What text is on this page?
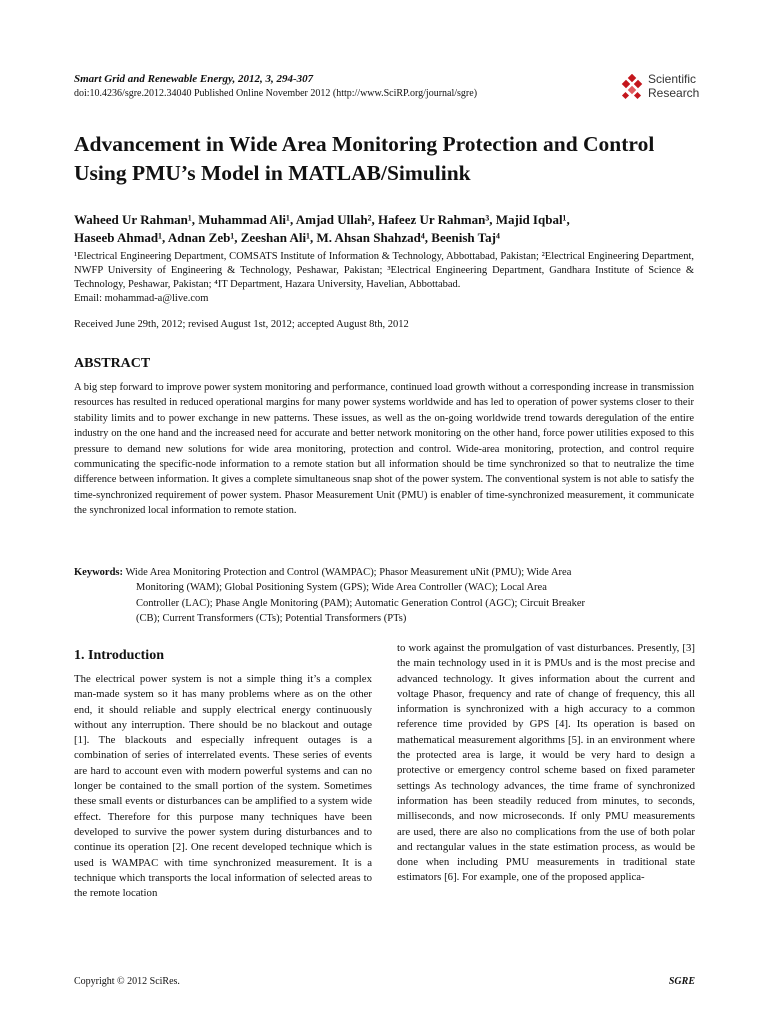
Smart Grid and Renewable Energy, 2012, 3, 294-307
doi:10.4236/sgre.2012.34040 Published Online November 2012 (http://www.SciRP.org/journal/sgre)
Scientific
Research
Advancement in Wide Area Monitoring Protection and Control Using PMU’s Model in MATLAB/Simulink
Waheed Ur Rahman¹, Muhammad Ali¹, Amjad Ullah², Hafeez Ur Rahman³, Majid Iqbal¹,
Haseeb Ahmad¹, Adnan Zeb¹, Zeeshan Ali¹, M. Ahsan Shahzad⁴, Beenish Taj⁴
¹Electrical Engineering Department, COMSATS Institute of Information & Technology, Abbottabad, Pakistan; ²Electrical Engineering Department, NWFP University of Engineering & Technology, Peshawar, Pakistan; ³Electrical Engineering Department, Gandhara Institute of Science & Technology, Peshawar, Pakistan; ⁴IT Department, Hazara University, Havelian, Abbottabad.
Email: mohammad-a@live.com
Received June 29th, 2012; revised August 1st, 2012; accepted August 8th, 2012
ABSTRACT
A big step forward to improve power system monitoring and performance, continued load growth without a corresponding increase in transmission resources has resulted in reduced operational margins for many power systems worldwide and has led to operation of power systems closer to their stability limits and to power exchange in new patterns. These issues, as well as the on-going worldwide trend towards deregulation of the entire industry on the one hand and the increased need for accurate and better network monitoring on the other hand, force power utilities exposed to this pressure to demand new solutions for wide area monitoring, protection and control. Wide-area monitoring, protection, and control require communicating the specific-node information to a remote station but all information should be time synchronized so that to neutralize the time difference between information. It gives a complete simultaneous snap shot of the power system. The conventional system is not able to satisfy the time-synchronized requirement of power system. Phasor Measurement Unit (PMU) is enabler of time-synchronized measurement, it communicate the synchronized local information to remote station.
Keywords: Wide Area Monitoring Protection and Control (WAMPAC); Phasor Measurement uNit (PMU); Wide Area
Monitoring (WAM); Global Positioning System (GPS); Wide Area Controller (WAC); Local Area
Controller (LAC); Phase Angle Monitoring (PAM); Automatic Generation Control (AGC); Circuit Breaker
(CB); Current Transformers (CTs); Potential Transformers (PTs)
1. Introduction
The electrical power system is not a simple thing it’s a complex man-made system so it has many problems where as on the other end, it should reliable and supply electrical energy continuously without any interruption. There should be no blackout and outage [1]. The blackouts and especially infrequent outages is a combination of series of interrelated events. These series of events are hard to account even with modern powerful systems and can no longer be contained to the small portion of the system. Sometimes these small events or disturbances can be amplified to a system wide effect. Therefore for this purpose many techniques have been developed to survive the power system during disturbances and to continue its operation [2]. One recent developed technique which is used is WAMPAC with time synchronized measurement. It is a technique which transports the local information of selected areas to the remote location
to work against the promulgation of vast disturbances. Presently, [3] the main technology used in it is PMUs and is the most precise and advanced technology. It gives information about the current and voltage Phasor, frequency and rate of change of frequency, this all information is synchronized with a high accuracy to a common reference time provided by GPS [4]. Its operation is based on mathematical measurement algorithms [5]. in an environment where the protected area is large, it would be very hard to design a protective or emergency control scheme based on fixed parameter settings As technology advances, the time frame of synchronized information has been steadily reduced from minutes, to seconds, milliseconds, and now microseconds. If only PMU measurements are used, there are also no complications from the use of both polar and rectangular values in the state estimation process, as would be done when including PMU measurements in traditional state estimators [6]. For example, one of the proposed applica-
Copyright © 2012 SciRes.	SGRE
